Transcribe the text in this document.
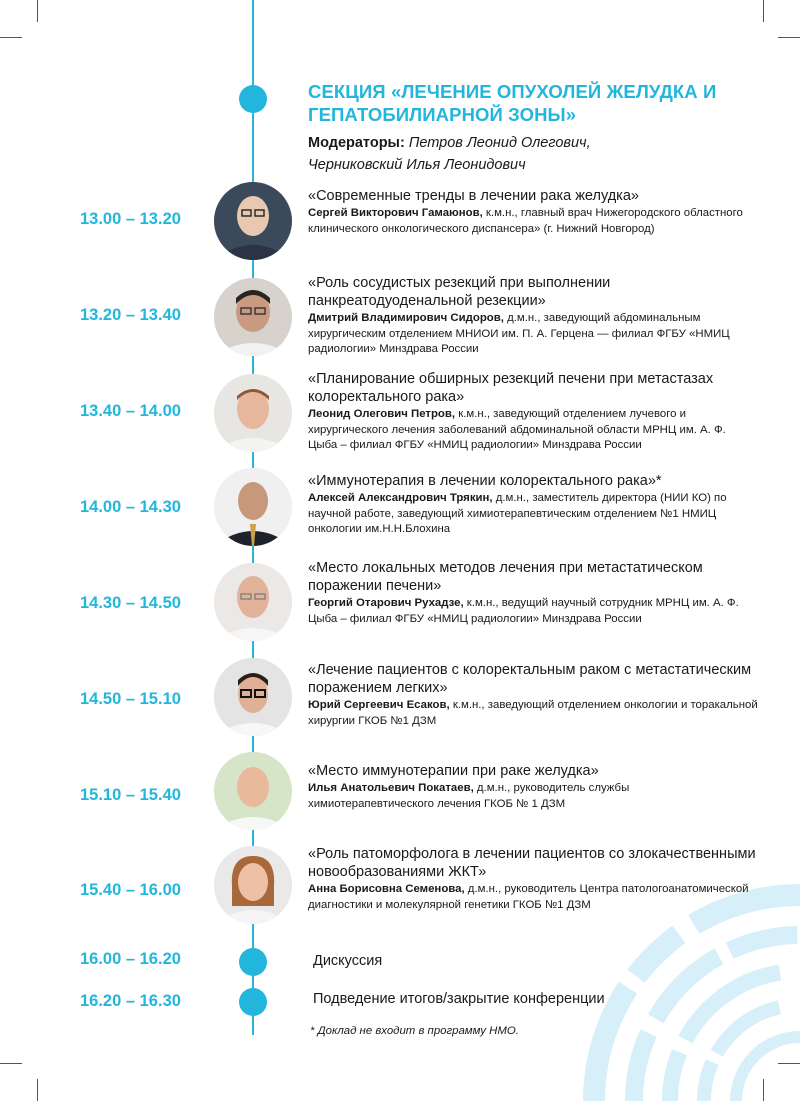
СЕКЦИЯ «ЛЕЧЕНИЕ ОПУХОЛЕЙ ЖЕЛУДКА И ГЕПАТОБИЛИАРНОЙ ЗОНЫ»
Модераторы: Петров Леонид Олегович,
Черниковский Илья Леонидович
13.00 – 13.20

«Современные тренды в лечении рака желудка»

Сергей Викторович Гамаюнов, к.м.н., главный врач Нижегородского областного клинического онкологического диспансера» (г. Нижний Новгород)

13.20 – 13.40

«Роль сосудистых резекций при выполнении панкреатодуоденальной резекции»

Дмитрий Владимирович Сидоров, д.м.н., заведующий абдоминальным хирургическим отделением МНИОИ им. П. А. Герцена — филиал ФГБУ «НМИЦ радиологии» Минздрава России

13.40 – 14.00

«Планирование обширных резекций печени при метастазах колоректального рака»

Леонид Олегович Петров, к.м.н., заведующий отделением лучевого и хирургического лечения заболеваний абдоминальной области МРНЦ им. А. Ф. Цыба – филиал ФГБУ «НМИЦ радиологии» Минздрава России

14.00 – 14.30

«Иммунотерапия в лечении колоректального рака»*

Алексей Александрович Трякин, д.м.н., заместитель директора (НИИ КО) по научной работе, заведующий химиотерапевтическим отделением №1 НМИЦ онкологии им.Н.Н.Блохина

14.30 – 14.50

«Место локальных методов лечения при метастатическом поражении печени»

Георгий Отарович Рухадзе, к.м.н., ведущий научный сотрудник МРНЦ им. А. Ф. Цыба – филиал ФГБУ «НМИЦ радиологии» Минздрава России

14.50 – 15.10

«Лечение пациентов с колоректальным раком с метастатическим поражением легких»

Юрий Сергеевич Есаков, к.м.н., заведующий отделением онкологии и торакальной хирургии ГКОБ №1 ДЗМ

15.10 – 15.40

«Место иммунотерапии при раке желудка»

Илья Анатольевич Покатаев, д.м.н., руководитель службы химиотерапевтического лечения ГКОБ № 1 ДЗМ

15.40 – 16.00

«Роль патоморфолога в лечении пациентов со злокачественными новообразованиями ЖКТ»

Анна Борисовна Семенова, д.м.н., руководитель Центра патологоанатомической диагностики и молекулярной генетики ГКОБ №1 ДЗМ

16.00 – 16.20	Дискуссия
16.20 – 16.30	Подведение итогов/закрытие конференции
* Доклад не входит в программу НМО.
